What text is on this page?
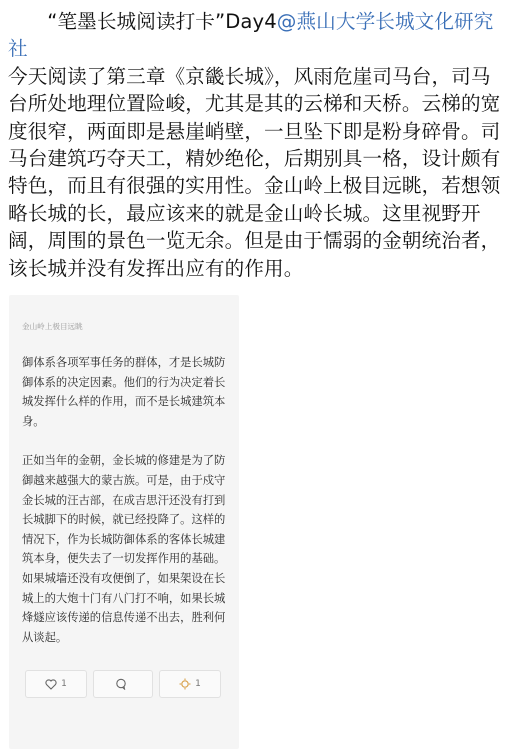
“笔墨长城阅读打卡”Day4@燕山大学长城文化研究社

今天阅读了第三章《京畿长城》，风雨危崖司马台，司马台所处地理位置险峻，尤其是其的云梯和天桥。云梯的宽度很窄，两面即是悬崖峭壁，一旦坠下即是粉身碎骨。司马台建筑巧夺天工，精妙绝伦，后期别具一格，设计颇有特色，而且有很强的实用性。金山岭上极目远眺，若想领略长城的长，最应该来的就是金山岭长城。这里视野开阔，周围的景色一览无余。但是由于懦弱的金朝统治者，该长城并没有发挥出应有的作用。

金山岭上极目远眺

御体系各项军事任务的群体，才是长城防御体系的决定因素。他们的行为决定着长城发挥什么样的作用，而不是长城建筑本身。

正如当年的金朝，金长城的修建是为了防御越来越强大的蒙古族。可是，由于戍守金长城的汪古部，在成吉思汗还没有打到长城脚下的时候，就已经投降了。这样的情况下，作为长城防御体系的客体长城建筑本身，便失去了一切发挥作用的基础。如果城墙还没有攻便倒了，如果架设在长城上的大炮十门有八门打不响，如果长城烽燧应该传递的信息传递不出去，胜利何从谈起。

1	1
